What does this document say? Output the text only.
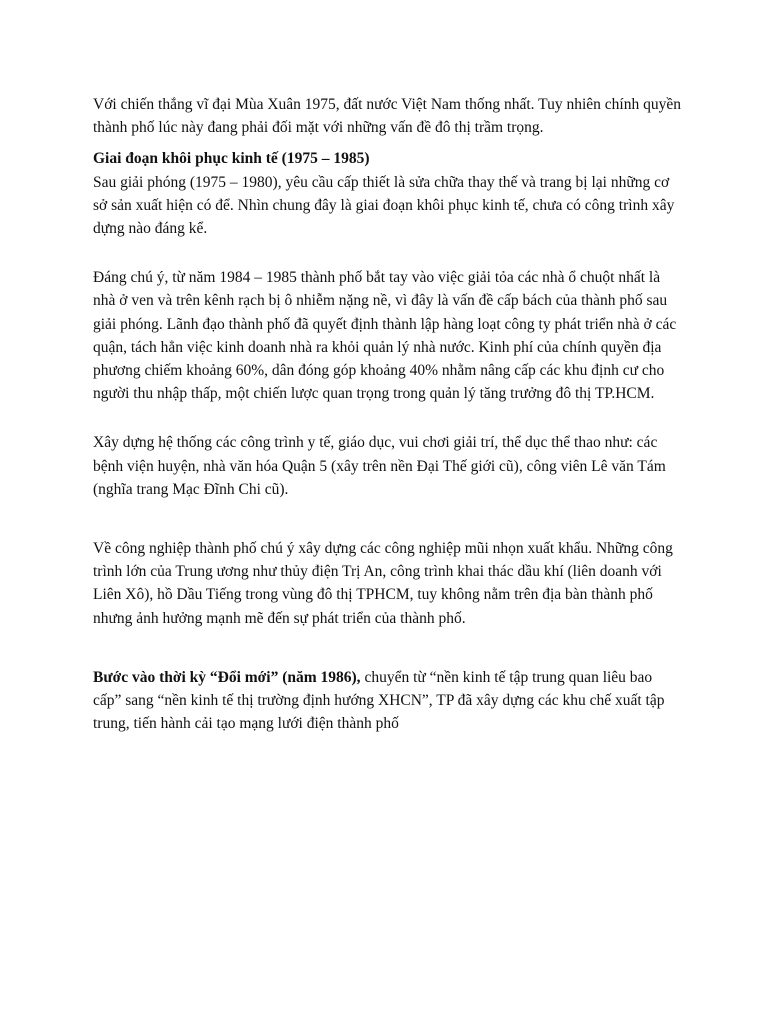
Với chiến thắng vĩ đại Mùa Xuân 1975, đất nước Việt Nam thống nhất. Tuy nhiên chính quyền thành phố lúc này đang phải đối mặt với những vấn đề đô thị trầm trọng.

Giai đoạn khôi phục kinh tế (1975 – 1985)
Sau giải phóng (1975 – 1980), yêu cầu cấp thiết là sửa chữa thay thế và trang bị lại những cơ sở sản xuất hiện có để. Nhìn chung đây là giai đoạn khôi phục kinh tế, chưa có công trình xây dựng nào đáng kể.

Đáng chú ý, từ năm 1984 – 1985 thành phố bắt tay vào việc giải tỏa các nhà ổ chuột nhất là nhà ở ven và trên kênh rạch bị ô nhiễm nặng nề, vì đây là vấn đề cấp bách của thành phố sau giải phóng. Lãnh đạo thành phố đã quyết định thành lập hàng loạt công ty phát triển nhà ở các quận, tách hẳn việc kinh doanh nhà ra khỏi quản lý nhà nước. Kinh phí của chính quyền địa phương chiếm khoảng 60%, dân đóng góp khoảng 40% nhằm nâng cấp các khu định cư cho người thu nhập thấp, một chiến lược quan trọng trong quản lý tăng trưởng đô thị TP.HCM.

Xây dựng hệ thống các công trình y tế, giáo dục, vui chơi giải trí, thể dục thể thao như: các bệnh viện huyện, nhà văn hóa Quận 5 (xây trên nền Đại Thế giới cũ), công viên Lê văn Tám (nghĩa trang Mạc Đĩnh Chi cũ).

Về công nghiệp thành phố chú ý xây dựng các công nghiệp mũi nhọn xuất khẩu. Những công trình lớn của Trung ương như thủy điện Trị An, công trình khai thác dầu khí (liên doanh với Liên Xô), hồ Dầu Tiếng trong vùng đô thị TPHCM, tuy không nằm trên địa bàn thành phố nhưng ảnh hưởng mạnh mẽ đến sự phát triển của thành phố.

Bước vào thời kỳ “Đổi mới” (năm 1986), chuyển từ “nền kinh tế tập trung quan liêu bao cấp” sang “nền kinh tế thị trường định hướng XHCN”, TP đã xây dựng các khu chế xuất tập trung, tiến hành cải tạo mạng lưới điện thành phố
